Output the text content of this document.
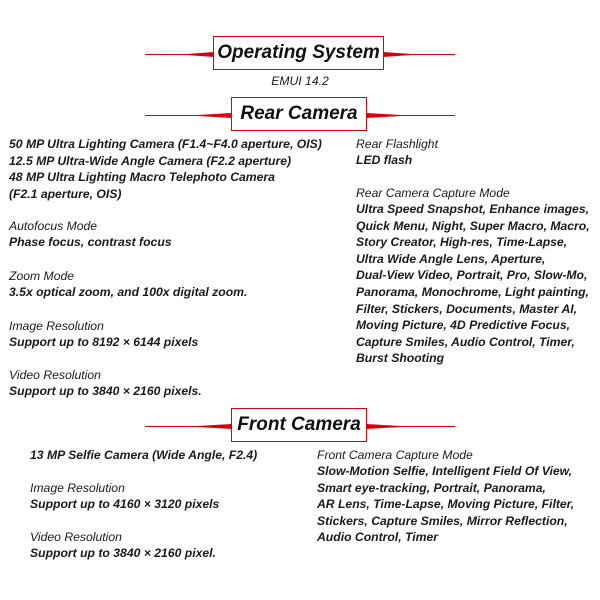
Operating System
EMUI 14.2
Rear Camera
50 MP Ultra Lighting Camera (F1.4~F4.0 aperture, OIS)
12.5 MP Ultra-Wide Angle Camera (F2.2 aperture)
48 MP Ultra Lighting Macro Telephoto Camera
(F2.1 aperture, OIS)
Autofocus Mode
Phase focus, contrast focus
Zoom Mode
3.5x optical zoom, and 100x digital zoom.
Image Resolution
Support up to 8192 × 6144 pixels
Video Resolution
Support up to 3840 × 2160 pixels.
Rear Flashlight
LED flash
Rear Camera Capture Mode
Ultra Speed Snapshot, Enhance images,
Quick Menu, Night, Super Macro, Macro,
Story Creator, High-res, Time-Lapse,
Ultra Wide Angle Lens, Aperture,
Dual-View Video, Portrait, Pro, Slow-Mo,
Panorama, Monochrome, Light painting,
Filter, Stickers, Documents, Master AI,
Moving Picture, 4D Predictive Focus,
Capture Smiles, Audio Control, Timer,
Burst Shooting
Front Camera
13 MP Selfie Camera (Wide Angle, F2.4)
Image Resolution
Support up to 4160 × 3120 pixels
Video Resolution
Support up to 3840 × 2160 pixel.
Front Camera Capture Mode
Slow-Motion Selfie, Intelligent Field Of View,
Smart eye-tracking, Portrait, Panorama,
AR Lens, Time-Lapse, Moving Picture, Filter,
Stickers, Capture Smiles, Mirror Reflection,
Audio Control, Timer
